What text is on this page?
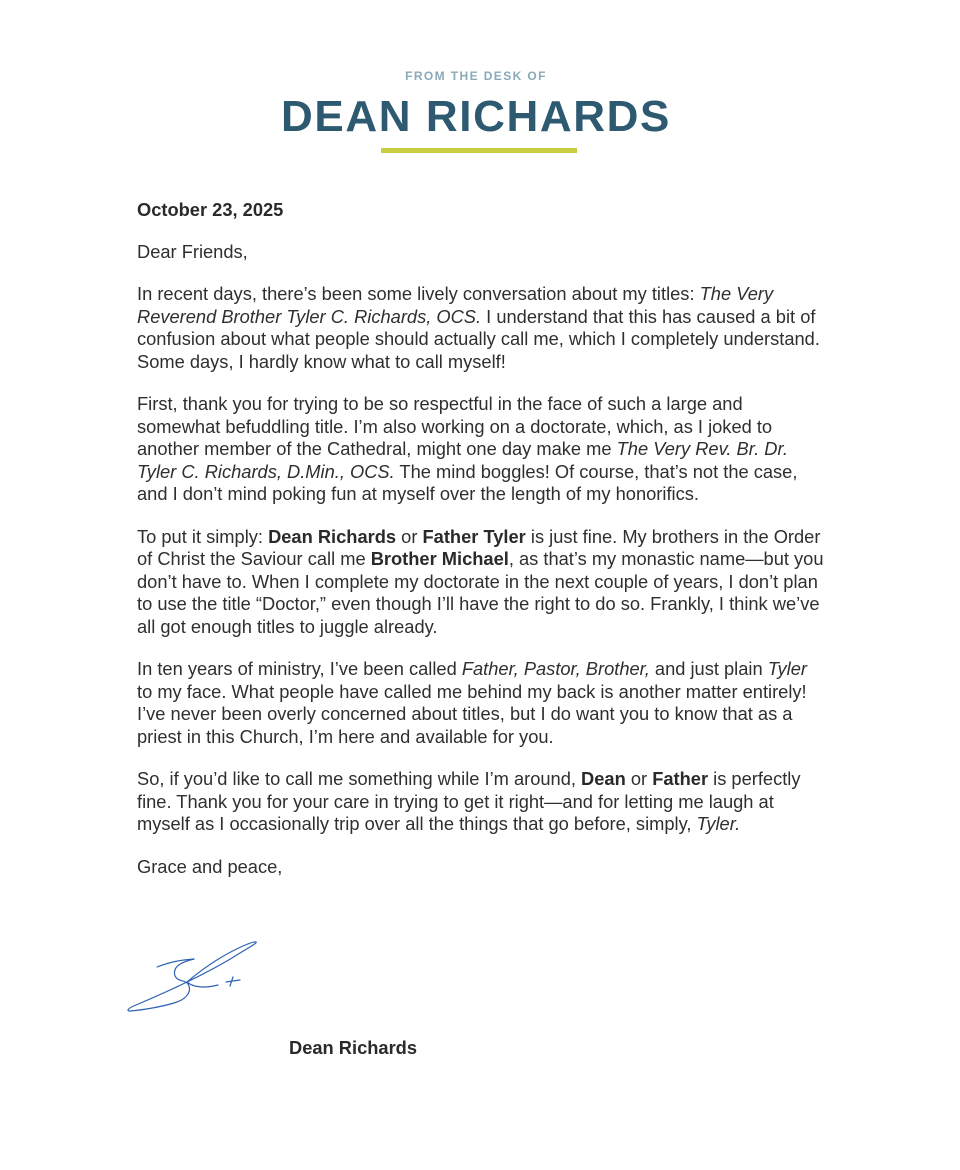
FROM THE DESK OF
DEAN RICHARDS

October 23, 2025

Dear Friends,

In recent days, there’s been some lively conversation about my titles: The Very Reverend Brother Tyler C. Richards, OCS. I understand that this has caused a bit of confusion about what people should actually call me, which I completely understand. Some days, I hardly know what to call myself!

First, thank you for trying to be so respectful in the face of such a large and somewhat befuddling title. I’m also working on a doctorate, which, as I joked to another member of the Cathedral, might one day make me The Very Rev. Br. Dr. Tyler C. Richards, D.Min., OCS. The mind boggles! Of course, that’s not the case, and I don’t mind poking fun at myself over the length of my honorifics.

To put it simply: Dean Richards or Father Tyler is just fine. My brothers in the Order of Christ the Saviour call me Brother Michael, as that’s my monastic name—but you don’t have to. When I complete my doctorate in the next couple of years, I don’t plan to use the title “Doctor,” even though I’ll have the right to do so. Frankly, I think we’ve all got enough titles to juggle already.

In ten years of ministry, I’ve been called Father, Pastor, Brother, and just plain Tyler to my face. What people have called me behind my back is another matter entirely! I’ve never been overly concerned about titles, but I do want you to know that as a priest in this Church, I’m here and available for you.

So, if you’d like to call me something while I’m around, Dean or Father is perfectly fine. Thank you for your care in trying to get it right—and for letting me laugh at myself as I occasionally trip over all the things that go before, simply, Tyler.

Grace and peace,

Dean Richards
